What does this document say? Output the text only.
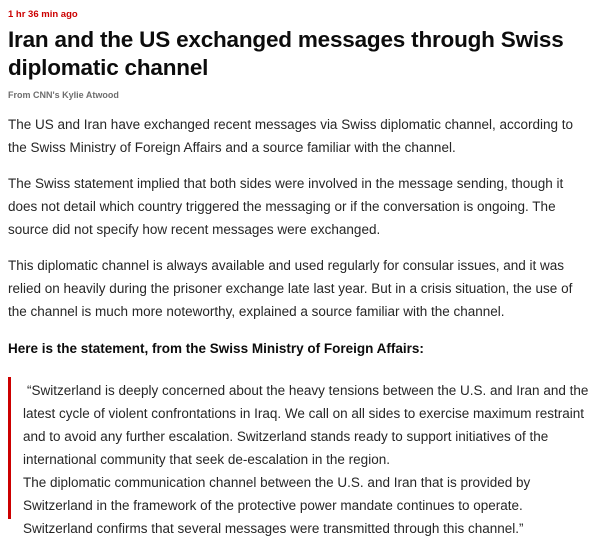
1 hr 36 min ago

Iran and the US exchanged messages through Swiss diplomatic channel

From CNN's Kylie Atwood

The US and Iran have exchanged recent messages via Swiss diplomatic channel, according to the Swiss Ministry of Foreign Affairs and a source familiar with the channel.

The Swiss statement implied that both sides were involved in the message sending, though it does not detail which country triggered the messaging or if the conversation is ongoing. The source did not specify how recent messages were exchanged.

This diplomatic channel is always available and used regularly for consular issues, and it was relied on heavily during the prisoner exchange late last year. But in a crisis situation, the use of the channel is much more noteworthy, explained a source familiar with the channel.

Here is the statement, from the Swiss Ministry of Foreign Affairs:

“Switzerland is deeply concerned about the heavy tensions between the U.S. and Iran and the latest cycle of violent confrontations in Iraq. We call on all sides to exercise maximum restraint and to avoid any further escalation. Switzerland stands ready to support initiatives of the international community that seek de-escalation in the region.

The diplomatic communication channel between the U.S. and Iran that is provided by Switzerland in the framework of the protective power mandate continues to operate. Switzerland confirms that several messages were transmitted through this channel.”
